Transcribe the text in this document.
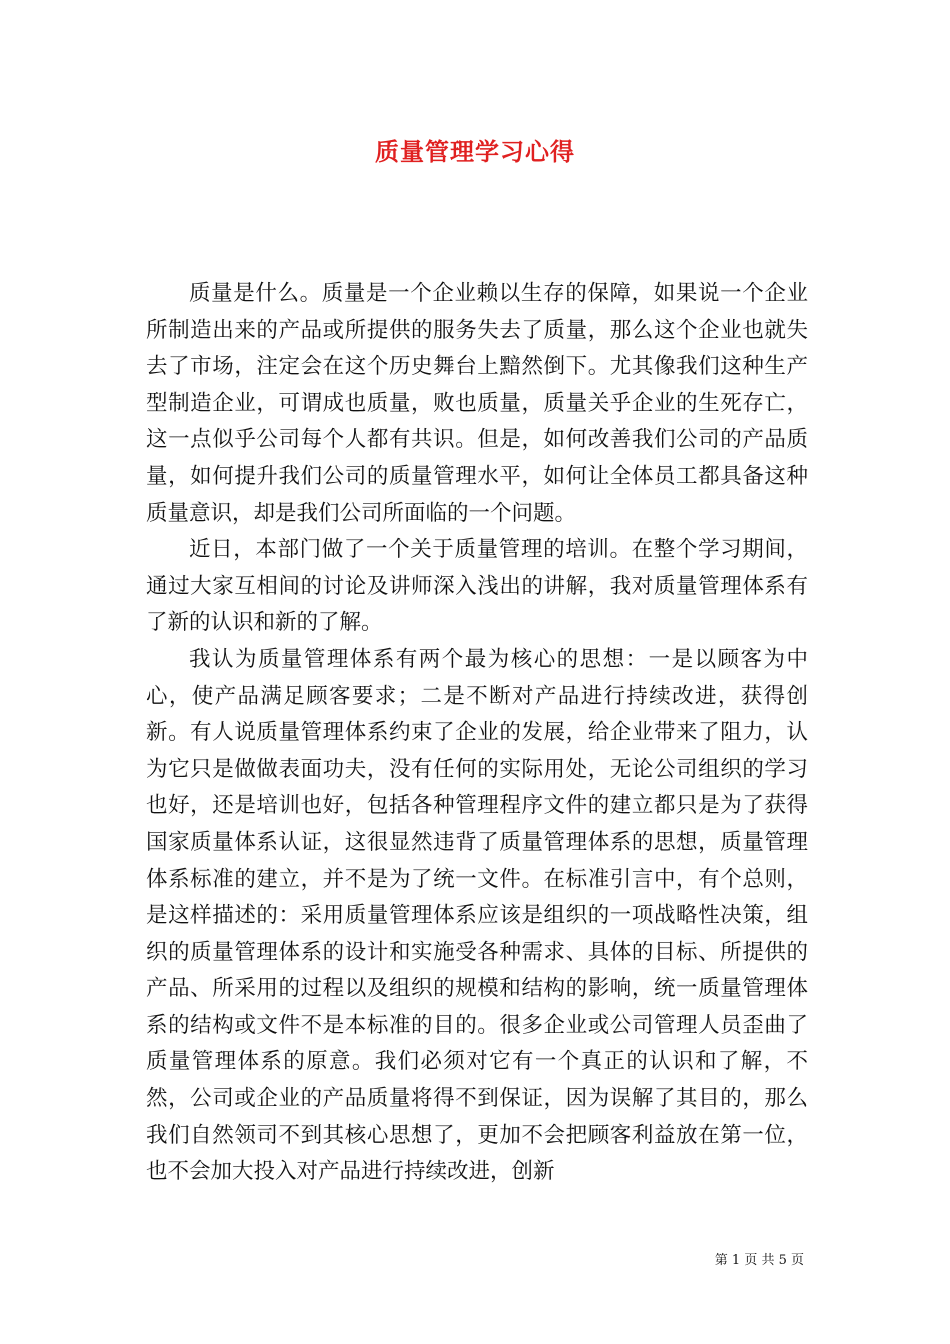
质量管理学习心得

质量是什么。质量是一个企业赖以生存的保障，如果说一个企业所制造出来的产品或所提供的服务失去了质量，那么这个企业也就失去了市场，注定会在这个历史舞台上黯然倒下。尤其像我们这种生产型制造企业，可谓成也质量，败也质量，质量关乎企业的生死存亡，这一点似乎公司每个人都有共识。但是，如何改善我们公司的产品质量，如何提升我们公司的质量管理水平，如何让全体员工都具备这种质量意识，却是我们公司所面临的一个问题。

近日，本部门做了一个关于质量管理的培训。在整个学习期间，通过大家互相间的讨论及讲师深入浅出的讲解，我对质量管理体系有了新的认识和新的了解。

我认为质量管理体系有两个最为核心的思想：一是以顾客为中心，使产品满足顾客要求；二是不断对产品进行持续改进，获得创新。有人说质量管理体系约束了企业的发展，给企业带来了阻力，认为它只是做做表面功夫，没有任何的实际用处，无论公司组织的学习也好，还是培训也好，包括各种管理程序文件的建立都只是为了获得国家质量体系认证，这很显然违背了质量管理体系的思想，质量管理体系标准的建立，并不是为了统一文件。在标准引言中，有个总则，是这样描述的：采用质量管理体系应该是组织的一项战略性决策，组织的质量管理体系的设计和实施受各种需求、具体的目标、所提供的产品、所采用的过程以及组织的规模和结构的影响，统一质量管理体系的结构或文件不是本标准的目的。很多企业或公司管理人员歪曲了质量管理体系的原意。我们必须对它有一个真正的认识和了解，不然，公司或企业的产品质量将得不到保证，因为误解了其目的，那么我们自然领司不到其核心思想了，更加不会把顾客利益放在第一位，也不会加大投入对产品进行持续改进，创新

第 1 页 共 5 页
